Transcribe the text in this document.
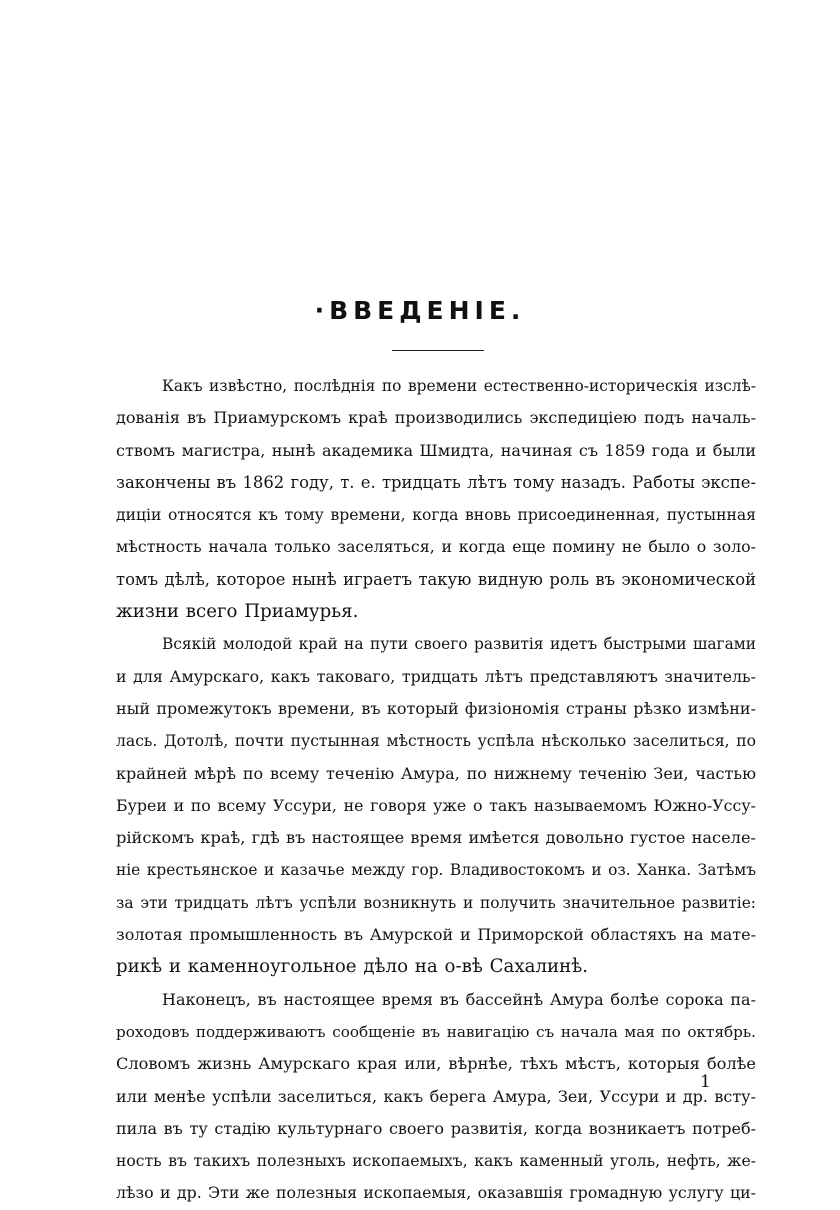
·ВВЕДЕНIЕ.

Какъ извѣстно, послѣднія по времени естественно-историческія изслѣ-
дованія въ Приамурскомъ краѣ производились экспедиціею подъ началь-
ствомъ магистра, нынѣ академика Шмидта, начиная съ 1859 года и были
закончены въ 1862 году, т. е. тридцать лѣтъ тому назадъ. Работы экспе-
диціи относятся къ тому времени, когда вновь присоединенная, пустынная
мѣстность начала только заселяться, и когда еще помину не было о золо-
томъ дѣлѣ, которое нынѣ играетъ такую видную роль въ экономической
жизни всего Приамурья.

Всякій молодой край на пути своего развитія идетъ быстрыми шагами
и для Амурскаго, какъ таковаго, тридцать лѣтъ представляютъ значитель-
ный промежутокъ времени, въ который физіономія страны рѣзко измѣни-
лась. Дотолѣ, почти пустынная мѣстность успѣла нѣсколько заселиться, по
крайней мѣрѣ по всему теченію Амура, по нижнему теченію Зеи, частью
Буреи и по всему Уссури, не говоря уже о такъ называемомъ Южно-Уссу-
рійскомъ краѣ, гдѣ въ настоящее время имѣется довольно густое населе-
ніе крестьянское и казачье между гор. Владивостокомъ и оз. Ханка. Затѣмъ
за эти тридцать лѣтъ успѣли возникнуть и получить значительное развитіе:
золотая промышленность въ Амурской и Приморской областяхъ на мате-
рикѣ и каменноугольное дѣло на о-вѣ Сахалинѣ.

Наконецъ, въ настоящее время въ бассейнѣ Амура болѣе сорока па-
роходовъ поддерживаютъ сообщеніе въ навигацію съ начала мая по октябрь.
Словомъ жизнь Амурскаго края или, вѣрнѣе, тѣхъ мѣстъ, которыя болѣе
или менѣе успѣли заселиться, какъ берега Амура, Зеи, Уссури и др. всту-
пила въ ту стадію культурнаго своего развитія, когда возникаетъ потреб-
ность въ такихъ полезныхъ ископаемыхъ, какъ каменный уголь, нефть, же-
лѣзо и др. Эти же полезныя ископаемыя, оказавшія громадную услугу ци-

1
